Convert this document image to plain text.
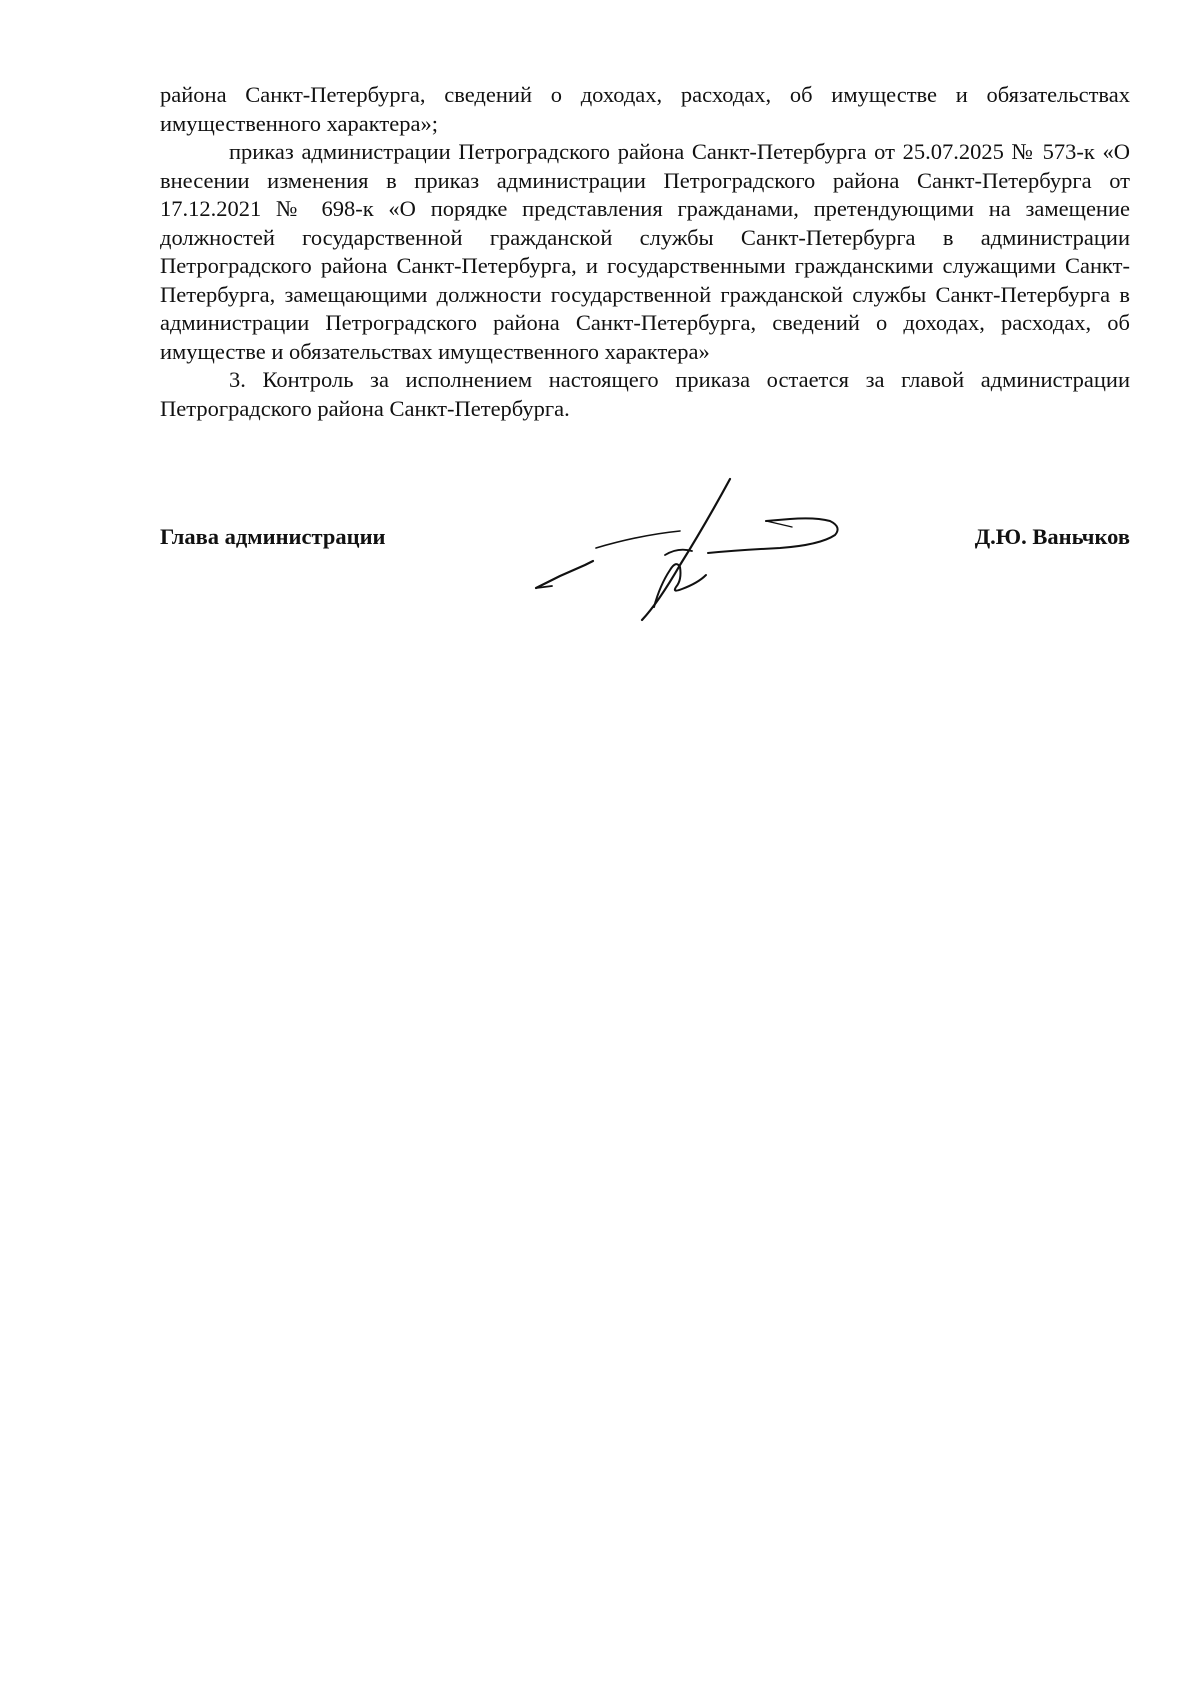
района Санкт-Петербурга, сведений о доходах, расходах, об имуществе и обязательствах имущественного характера»;

приказ администрации Петроградского района Санкт-Петербурга от 25.07.2025 № 573-к «О внесении изменения в приказ администрации Петроградского района Санкт-Петербурга от 17.12.2021 № 698-к «О порядке представления гражданами, претендующими на замещение должностей государственной гражданской службы Санкт-Петербурга в администрации Петроградского района Санкт-Петербурга, и государственными гражданскими служащими Санкт-Петербурга, замещающими должности государственной гражданской службы Санкт-Петербурга в администрации Петроградского района Санкт-Петербурга, сведений о доходах, расходах, об имуществе и обязательствах имущественного характера»

3. Контроль за исполнением настоящего приказа остается за главой администрации Петроградского района Санкт-Петербурга.

Глава администрации	Д.Ю. Ваньчков
